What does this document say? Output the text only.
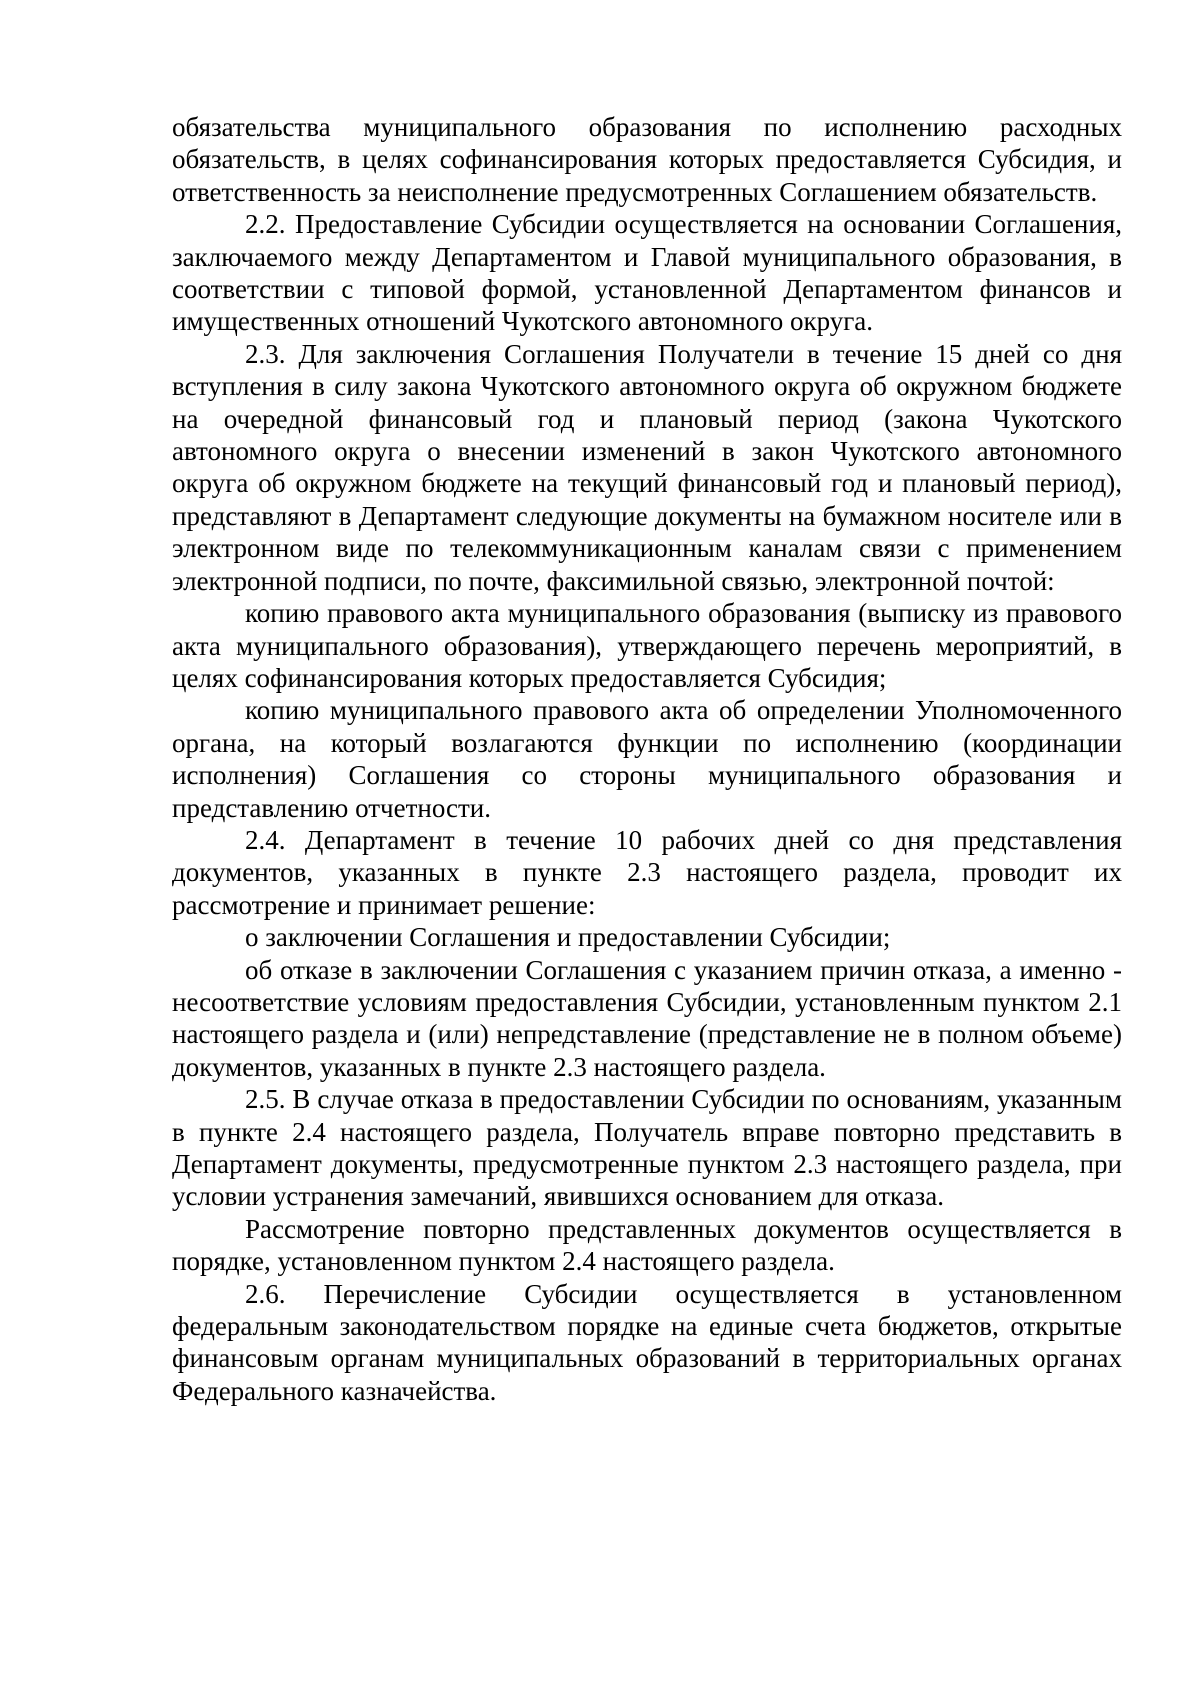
обязательства муниципального образования по исполнению расходных обязательств, в целях софинансирования которых предоставляется Субсидия, и ответственность за неисполнение предусмотренных Соглашением обязательств.

2.2. Предоставление Субсидии осуществляется на основании Соглашения, заключаемого между Департаментом и Главой муниципального образования, в соответствии с типовой формой, установленной Департаментом финансов и имущественных отношений Чукотского автономного округа.

2.3. Для заключения Соглашения Получатели в течение 15 дней со дня вступления в силу закона Чукотского автономного округа об окружном бюджете на очередной финансовый год и плановый период (закона Чукотского автономного округа о внесении изменений в закон Чукотского автономного округа об окружном бюджете на текущий финансовый год и плановый период), представляют в Департамент следующие документы на бумажном носителе или в электронном виде по телекоммуникационным каналам связи с применением электронной подписи, по почте, факсимильной связью, электронной почтой:

копию правового акта муниципального образования (выписку из правового акта муниципального образования), утверждающего перечень мероприятий, в целях софинансирования которых предоставляется Субсидия;

копию муниципального правового акта об определении Уполномоченного органа, на который возлагаются функции по исполнению (координации исполнения) Соглашения со стороны муниципального образования и представлению отчетности.

2.4. Департамент в течение 10 рабочих дней со дня представления документов, указанных в пункте 2.3 настоящего раздела, проводит их рассмотрение и принимает решение:

о заключении Соглашения и предоставлении Субсидии;

об отказе в заключении Соглашения с указанием причин отказа, а именно - несоответствие условиям предоставления Субсидии, установленным пунктом 2.1 настоящего раздела и (или) непредставление (представление не в полном объеме) документов, указанных в пункте 2.3 настоящего раздела.

2.5. В случае отказа в предоставлении Субсидии по основаниям, указанным в пункте 2.4 настоящего раздела, Получатель вправе повторно представить в Департамент документы, предусмотренные пунктом 2.3 настоящего раздела, при условии устранения замечаний, явившихся основанием для отказа.

Рассмотрение повторно представленных документов осуществляется в порядке, установленном пунктом 2.4 настоящего раздела.

2.6. Перечисление Субсидии осуществляется в установленном федеральным законодательством порядке на единые счета бюджетов, открытые финансовым органам муниципальных образований в территориальных органах Федерального казначейства.
